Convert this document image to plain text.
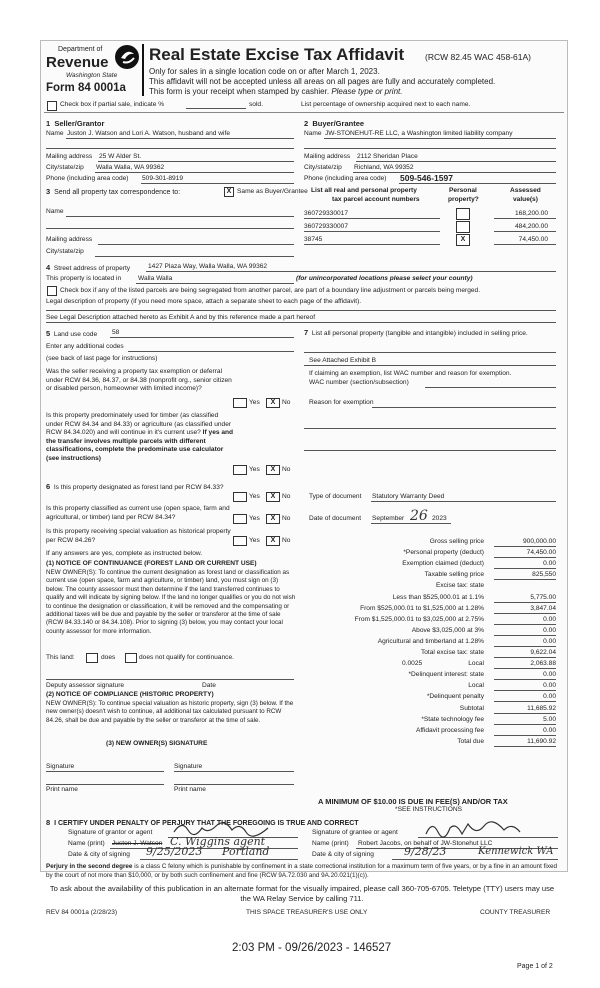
Department of
Revenue
Washington State
Form 84 0001a
Real Estate Excise Tax Affidavit (RCW 82.45 WAC 458-61A)
Only for sales in a single location code on or after March 1, 2023.
This affidavit will not be accepted unless all areas on all pages are fully and accurately completed.
This form is your receipt when stamped by cashier. Please type or print.
Check box if partial sale, indicate %	sold.	List percentage of ownership acquired next to each name.
1 Seller/Grantor
Name Juston J. Watson and Lori A. Watson, husband and wife
Mailing address 25 W Alder St.
City/state/zip Walla Walla, WA 99362
Phone (including area code) 509-301-8919
2 Buyer/Grantee
Name JW-STONEHUT-RE LLC, a Washington limited liability company
Mailing address 2112 Sheridan Place
City/state/zip Richland, WA 99352
Phone (including area code) 509-546-1597
3 Send all property tax correspondence to:	X Same as Buyer/Grantee
Name
Mailing address
City/state/zip
List all real and personal property
tax parcel account numbers
Personal
property?
Assessed
value(s)
360729330017	168,200.00
360729330007	484,200.00
38745	X	74,450.00
4 Street address of property	1427 Plaza Way, Walla Walla, WA 99362
This property is located in	Walla Walla	(for unincorporated locations please select your county)
Check box if any of the listed parcels are being segregated from another parcel, are part of a boundary line adjustment or parcels being merged.
Legal description of property (if you need more space, attach a separate sheet to each page of the affidavit).
See Legal Description attached hereto as Exhibit A and by this reference made a part hereof
5 Land use code 58
Enter any additional codes
(see back of last page for instructions)
Was the seller receiving a property tax exemption or deferral under RCW 84.36, 84.37, or 84.38 (nonprofit org., senior citizen or disabled person, homeowner with limited income)?
Yes	X	No
Is this property predominately used for timber (as classified under RCW 84.34 and 84.33) or agriculture (as classified under RCW 84.34.020) and will continue in it's current use? If yes and the transfer involves multiple parcels with different classifications, complete the predominate use calculator (see instructions)
Yes	X	No
7 List all personal property (tangible and intangible) included in selling price.
See Attached Exhibit B
If claiming an exemption, list WAC number and reason for exemption.
WAC number (section/subsection)
Reason for exemption
6 Is this property designated as forest land per RCW 84.33?
Yes	X	No
Is this property classified as current use (open space, farm and agricultural, or timber) land per RCW 84.34?	Yes	X	No
Is this property receiving special valuation as historical property per RCW 84.26?	Yes	X	No
If any answers are yes, complete as instructed below.
(1) NOTICE OF CONTINUANCE (FOREST LAND OR CURRENT USE)
NEW OWNER(S): To continue the current designation as forest land or classification as current use (open space, farm and agriculture, or timber) land, you must sign on (3) below. The county assessor must then determine if the land transferred continues to qualify and will indicate by signing below. If the land no longer qualifies or you do not wish to continue the designation or classification, it will be removed and the compensating or additional taxes will be due and payable by the seller or transferor at the time of sale (RCW 84.33.140 or 84.34.108). Prior to signing (3) below, you may contact your local county assessor for more information.
This land:	does	does not qualify for continuance.
Deputy assessor signature	Date
(2) NOTICE OF COMPLIANCE (HISTORIC PROPERTY)
NEW OWNER(S): To continue special valuation as historic property, sign (3) below. If the new owner(s) doesn't wish to continue, all additional tax calculated pursuant to RCW 84.26, shall be due and payable by the seller or transferor at the time of sale.
(3) NEW OWNER(S) SIGNATURE
Signature	Signature
Print name	Print name
Type of document Statutory Warranty Deed
Date of document September 26 2023
Gross selling price	900,000.00
*Personal property (deduct)	74,450.00
Exemption claimed (deduct)	0.00
Taxable selling price	825,550
Excise tax: state
Less than $525,000.01 at 1.1%	5,775.00
From $525,000.01 to $1,525,000 at 1.28%	3,847.04
From $1,525,000.01 to $3,025,000 at 2.75%	0.00
Above $3,025,000 at 3%	0.00
Agricultural and timberland at 1.28%	0.00
Total excise tax: state	9,622.04
Local
0.0025	2,063.88
*Delinquent interest: state	0.00
Local	0.00
*Delinquent penalty	0.00
Subtotal	11,685.92
*State technology fee	5.00
Affidavit processing fee	0.00
Total due	11,690.92
A MINIMUM OF $10.00 IS DUE IN FEE(S) AND/OR TAX
*SEE INSTRUCTIONS
8 I CERTIFY UNDER PENALTY OF PERJURY THAT THE FOREGOING IS TRUE AND CORRECT
Signature of grantor or agent
Name (print) Juston J. Watson C. Wiggins agent
Date & city of signing 9/25/2023 Portland
Signature of grantee or agent
Name (print) Robert Jacobs, on behalf of JW-Stonehut LLC
Date & city of signing	9/28/23	Kennewick WA
Perjury in the second degree is a class C felony which is punishable by confinement in a state correctional institution for a maximum term of five years, or by a fine in an amount fixed by the court of not more than $10,000, or by both such confinement and fine (RCW 9A.72.030 and 9A.20.021(1)(c)).
To ask about the availability of this publication in an alternate format for the visually impaired, please call 360-705-6705. Teletype (TTY) users may use the WA Relay Service by calling 711.
REV 84 0001a (2/28/23)	THIS SPACE TREASURER'S USE ONLY	COUNTY TREASURER
2:03 PM - 09/26/2023 - 146527
Page 1 of 2
